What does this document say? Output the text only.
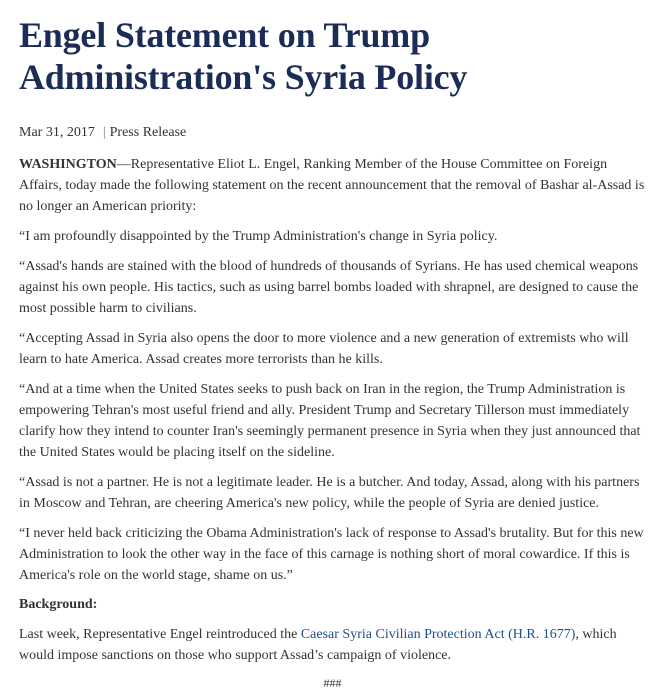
Engel Statement on Trump
Administration's Syria Policy
Mar 31, 2017 | Press Release

WASHINGTON—Representative Eliot L. Engel, Ranking Member of the House Committee on Foreign Affairs, today made the following statement on the recent announcement that the removal of Bashar al-Assad is no longer an American priority:

“I am profoundly disappointed by the Trump Administration's change in Syria policy.

“Assad's hands are stained with the blood of hundreds of thousands of Syrians. He has used chemical weapons against his own people. His tactics, such as using barrel bombs loaded with shrapnel, are designed to cause the most possible harm to civilians.

“Accepting Assad in Syria also opens the door to more violence and a new generation of extremists who will learn to hate America. Assad creates more terrorists than he kills.

“And at a time when the United States seeks to push back on Iran in the region, the Trump Administration is empowering Tehran's most useful friend and ally. President Trump and Secretary Tillerson must immediately clarify how they intend to counter Iran's seemingly permanent presence in Syria when they just announced that the United States would be placing itself on the sideline.

“Assad is not a partner. He is not a legitimate leader. He is a butcher. And today, Assad, along with his partners in Moscow and Tehran, are cheering America's new policy, while the people of Syria are denied justice.

“I never held back criticizing the Obama Administration's lack of response to Assad's brutality. But for this new Administration to look the other way in the face of this carnage is nothing short of moral cowardice. If this is America's role on the world stage, shame on us.”

Background:

Last week, Representative Engel reintroduced the Caesar Syria Civilian Protection Act (H.R. 1677), which would impose sanctions on those who support Assad’s campaign of violence.

###
